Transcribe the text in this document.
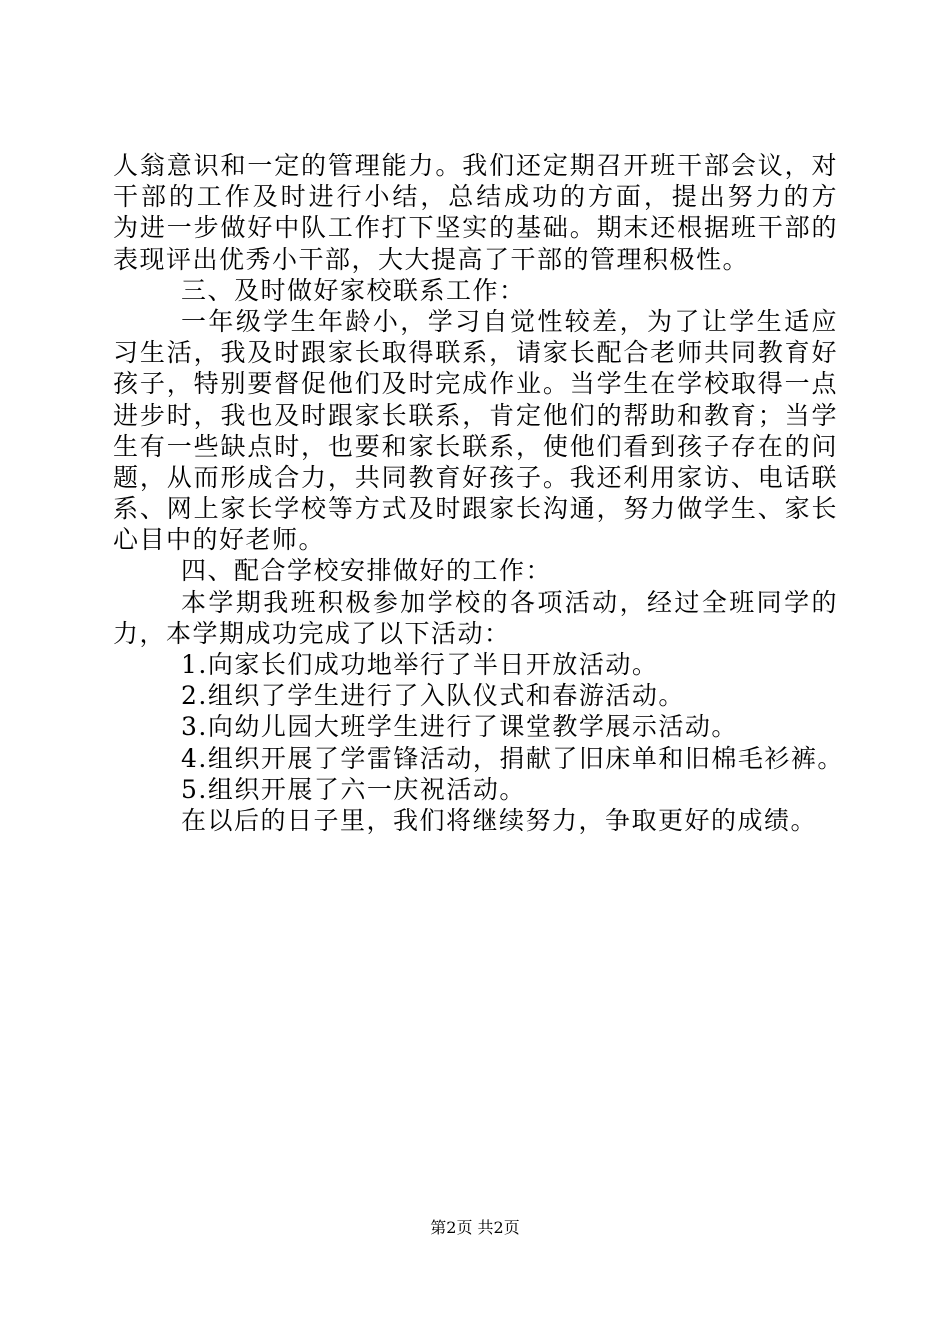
人翁意识和一定的管理能力。我们还定期召开班干部会议，对
干部的工作及时进行小结，总结成功的方面，提出努力的方
为进一步做好中队工作打下坚实的基础。期末还根据班干部的
表现评出优秀小干部，大大提高了干部的管理积极性。
三、及时做好家校联系工作：
一年级学生年龄小，学习自觉性较差，为了让学生适应
习生活，我及时跟家长取得联系，请家长配合老师共同教育好
孩子，特别要督促他们及时完成作业。当学生在学校取得一点
进步时，我也及时跟家长联系，肯定他们的帮助和教育；当学
生有一些缺点时，也要和家长联系，使他们看到孩子存在的问
题，从而形成合力，共同教育好孩子。我还利用家访、电话联
系、网上家长学校等方式及时跟家长沟通，努力做学生、家长
心目中的好老师。
四、配合学校安排做好的工作：
本学期我班积极参加学校的各项活动，经过全班同学的
力，本学期成功完成了以下活动：
1.向家长们成功地举行了半日开放活动。
2.组织了学生进行了入队仪式和春游活动。
3.向幼儿园大班学生进行了课堂教学展示活动。
4.组织开展了学雷锋活动，捐献了旧床单和旧棉毛衫裤。
5.组织开展了六一庆祝活动。
在以后的日子里，我们将继续努力，争取更好的成绩。
第2页 共2页
